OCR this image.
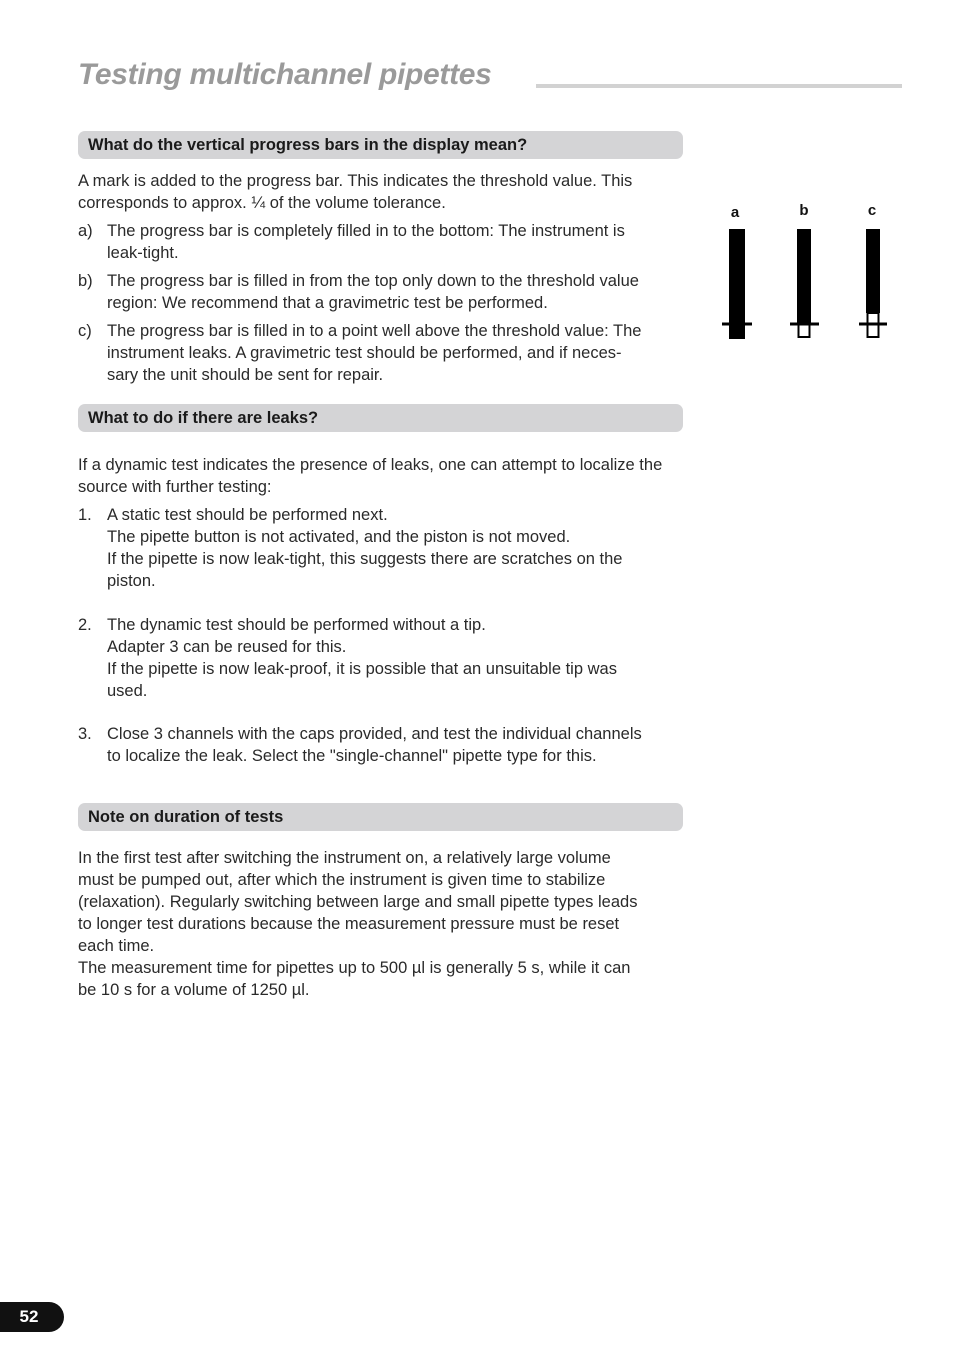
Testing multichannel pipettes
What do the vertical progress bars in the display mean?

A mark is added to the progress bar. This indicates the threshold value. This corresponds to approx. ¼ of the volume tolerance.

a) The progress bar is completely filled in to the bottom: The instrument is
leak-tight.
b) The progress bar is filled in from the top only down to the threshold value
region: We recommend that a gravimetric test be performed.
c) The progress bar is filled in to a point well above the threshold value: The
instrument leaks. A gravimetric test should be performed, and if neces-
sary the unit should be sent for repair.
a	b	c
What to do if there are leaks?

If a dynamic test indicates the presence of leaks, one can attempt to localize the source with further testing:

1. A static test should be performed next.
The pipette button is not activated, and the piston is not moved.
If the pipette is now leak-tight, this suggests there are scratches on the
piston.
2. The dynamic test should be performed without a tip.
Adapter 3 can be reused for this.
If the pipette is now leak-proof, it is possible that an unsuitable tip was
used.
3. Close 3 channels with the caps provided, and test the individual channels
to localize the leak. Select the "single-channel" pipette type for this.
Note on duration of tests
In the first test after switching the instrument on, a relatively large volume
must be pumped out, after which the instrument is given time to stabilize
(relaxation). Regularly switching between large and small pipette types leads
to longer test durations because the measurement pressure must be reset
each time.
The measurement time for pipettes up to 500 µl is generally 5 s, while it can
be 10 s for a volume of 1250 µl.
52
